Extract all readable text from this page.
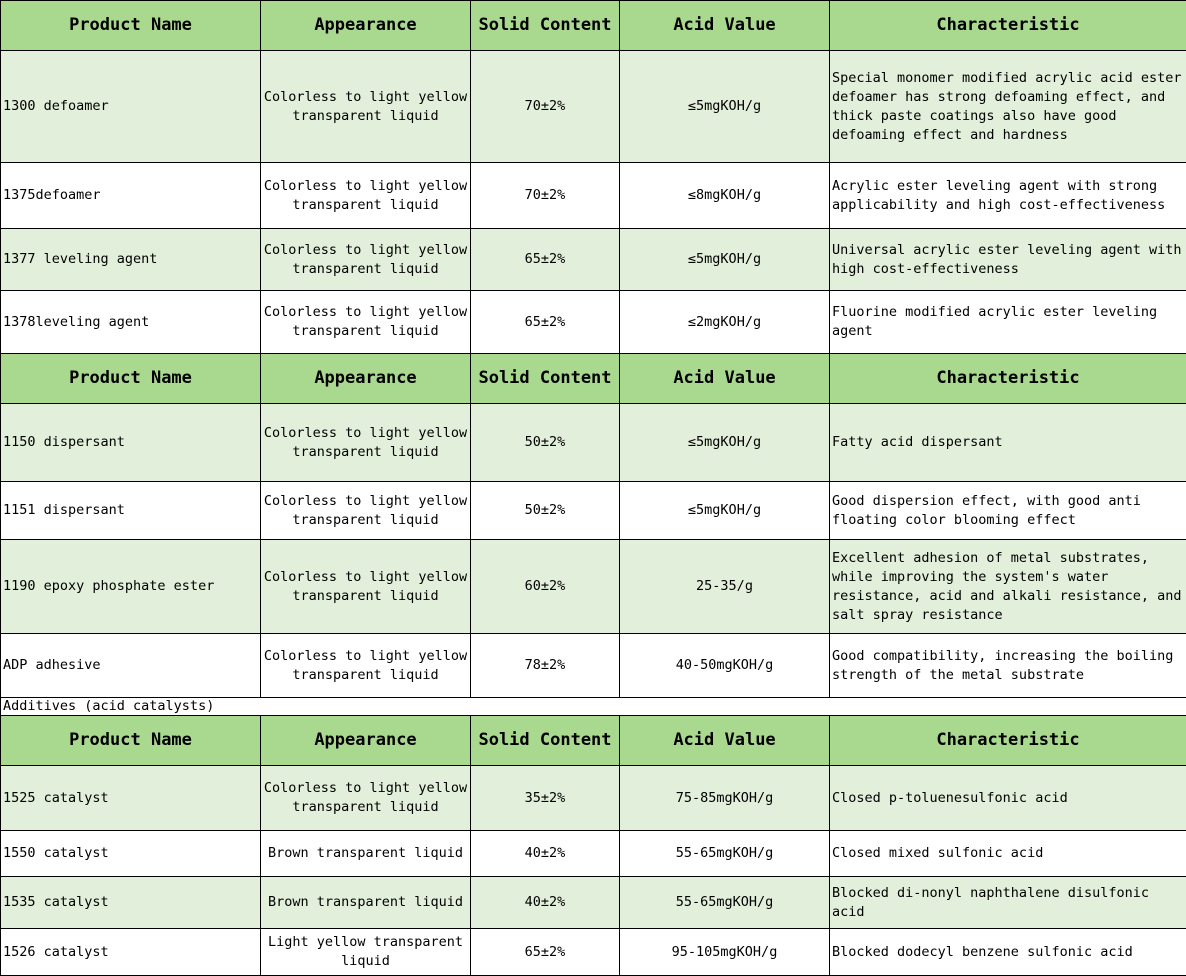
Product Name	Appearance	Solid Content	Acid Value	Characteristic
1300 defoamer	Colorless to light yellow transparent liquid	70±2%	≤5mgKOH/g	Special monomer modified acrylic acid ester defoamer has strong defoaming effect, and thick paste coatings also have good defoaming effect and hardness
1375defoamer	Colorless to light yellow transparent liquid	70±2%	≤8mgKOH/g	Acrylic ester leveling agent with strong applicability and high cost-effectiveness
1377 leveling agent	Colorless to light yellow transparent liquid	65±2%	≤5mgKOH/g	Universal acrylic ester leveling agent with high cost-effectiveness
1378leveling agent	Colorless to light yellow transparent liquid	65±2%	≤2mgKOH/g	Fluorine modified acrylic ester leveling agent
Product Name	Appearance	Solid Content	Acid Value	Characteristic
1150 dispersant	Colorless to light yellow transparent liquid	50±2%	≤5mgKOH/g	Fatty acid dispersant
1151 dispersant	Colorless to light yellow transparent liquid	50±2%	≤5mgKOH/g	Good dispersion effect, with good anti floating color blooming effect
1190 epoxy phosphate ester	Colorless to light yellow transparent liquid	60±2%	25-35/g	Excellent adhesion of metal substrates, while improving the system's water resistance, acid and alkali resistance, and salt spray resistance
ADP adhesive	Colorless to light yellow transparent liquid	78±2%	40-50mgKOH/g	Good compatibility, increasing the boiling strength of the metal substrate
Additives (acid catalysts)				
Product Name	Appearance	Solid Content	Acid Value	Characteristic
1525 catalyst	Colorless to light yellow transparent liquid	35±2%	75-85mgKOH/g	Closed p-toluenesulfonic acid
1550 catalyst	Brown transparent liquid	40±2%	55-65mgKOH/g	Closed mixed sulfonic acid
1535 catalyst	Brown transparent liquid	40±2%	55-65mgKOH/g	Blocked di-nonyl naphthalene disulfonic acid
1526 catalyst	Light yellow transparent liquid	65±2%	95-105mgKOH/g	Blocked dodecyl benzene sulfonic acid
